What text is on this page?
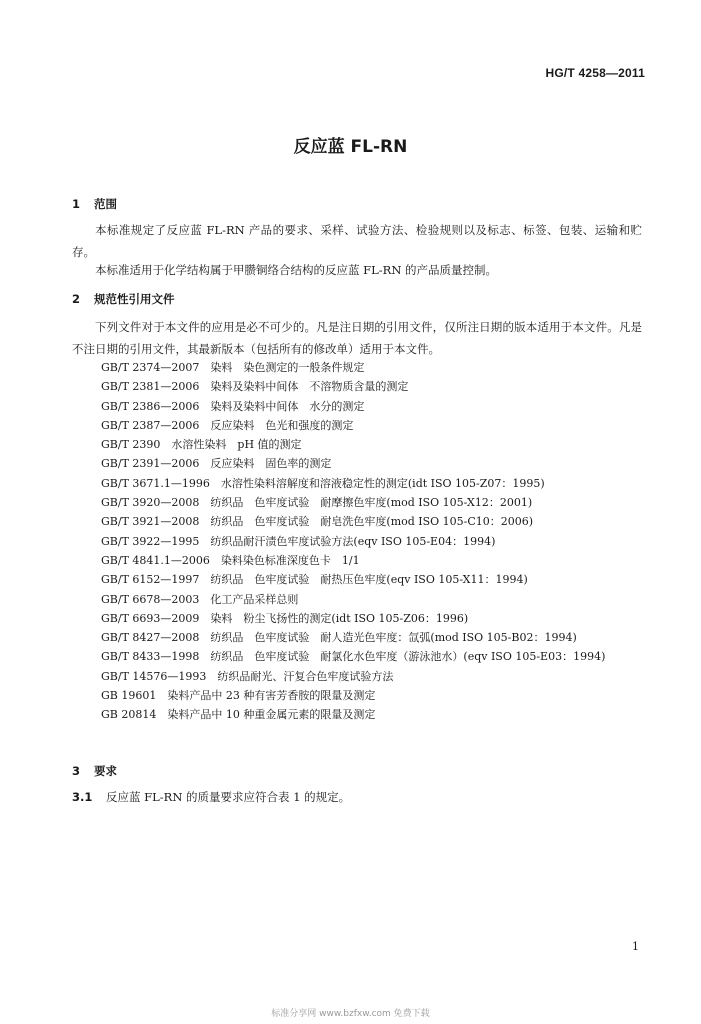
HG/T 4258—2011
反应蓝 FL-RN
1 范围
本标准规定了反应蓝 FL-RN 产品的要求、采样、试验方法、检验规则以及标志、标签、包装、运输和贮存。
本标准适用于化学结构属于甲臜铜络合结构的反应蓝 FL-RN 的产品质量控制。
2 规范性引用文件
下列文件对于本文件的应用是必不可少的。凡是注日期的引用文件，仅所注日期的版本适用于本文件。凡是不注日期的引用文件，其最新版本（包括所有的修改单）适用于本文件。
GB/T 2374—2007　染料　染色测定的一般条件规定
GB/T 2381—2006　染料及染料中间体　不溶物质含量的测定
GB/T 2386—2006　染料及染料中间体　水分的测定
GB/T 2387—2006　反应染料　色光和强度的测定
GB/T 2390　水溶性染料　pH 值的测定
GB/T 2391—2006　反应染料　固色率的测定
GB/T 3671.1—1996　水溶性染料溶解度和溶液稳定性的测定(idt ISO 105-Z07：1995)
GB/T 3920—2008　纺织品　色牢度试验　耐摩擦色牢度(mod ISO 105-X12：2001)
GB/T 3921—2008　纺织品　色牢度试验　耐皂洗色牢度(mod ISO 105-C10：2006)
GB/T 3922—1995　纺织品耐汗渍色牢度试验方法(eqv ISO 105-E04：1994)
GB/T 4841.1—2006　染料染色标准深度色卡　1/1
GB/T 6152—1997　纺织品　色牢度试验　耐热压色牢度(eqv ISO 105-X11：1994)
GB/T 6678—2003　化工产品采样总则
GB/T 6693—2009　染料　粉尘飞扬性的测定(idt ISO 105-Z06：1996)
GB/T 8427—2008　纺织品　色牢度试验　耐人造光色牢度：氙弧(mod ISO 105-B02：1994)
GB/T 8433—1998　纺织品　色牢度试验　耐氯化水色牢度（游泳池水）(eqv ISO 105-E03：1994)
GB/T 14576—1993　纺织品耐光、汗复合色牢度试验方法
GB 19601　染料产品中 23 种有害芳香胺的限量及测定
GB 20814　染料产品中 10 种重金属元素的限量及测定
3 要求
3.1 反应蓝 FL-RN 的质量要求应符合表 1 的规定。
1
标准分享网 www.bzfxw.com 免费下载
